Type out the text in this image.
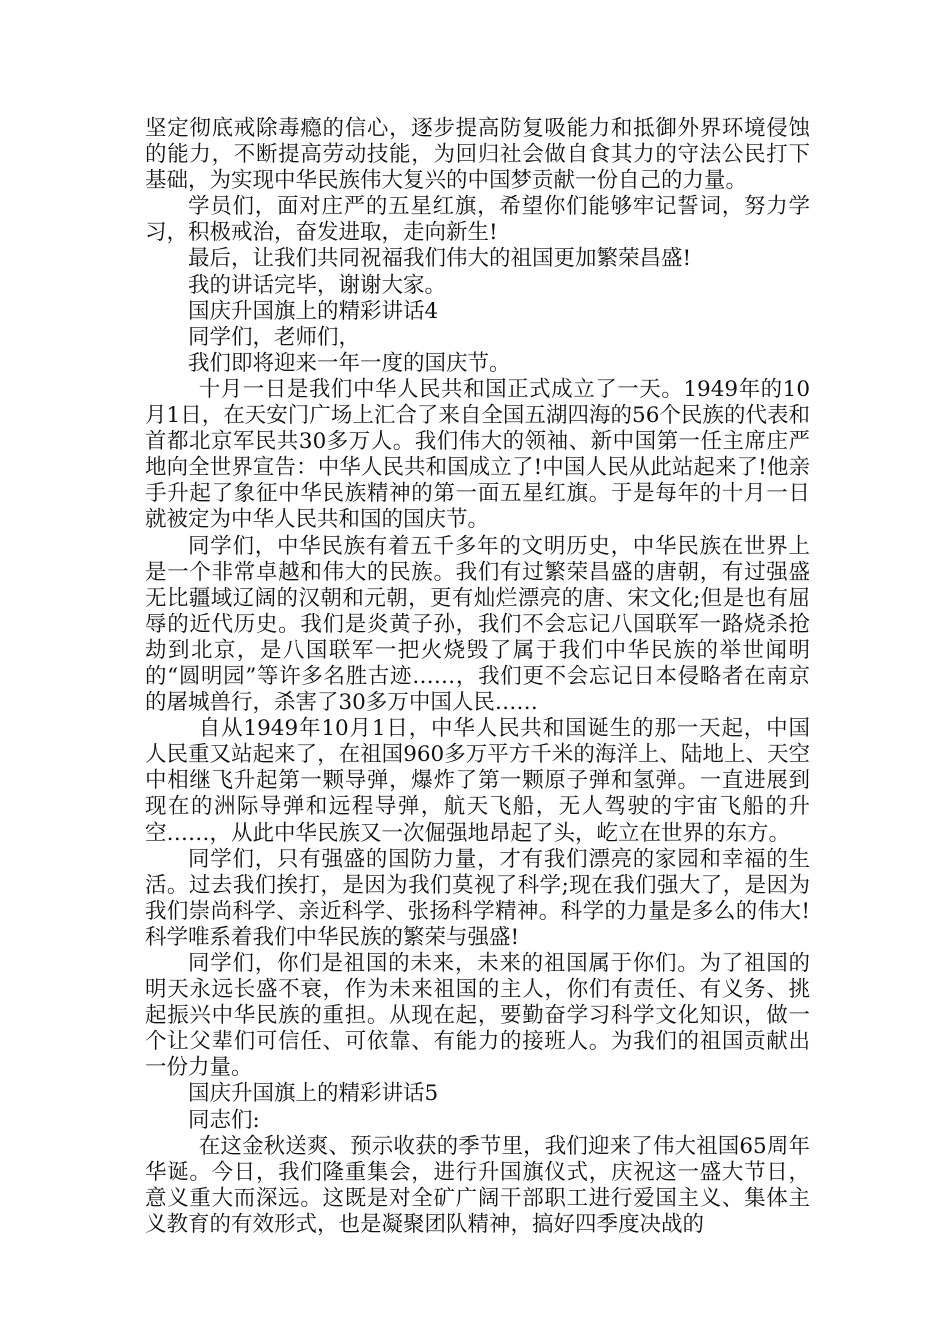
坚定彻底戒除毒瘾的信心，逐步提高防复吸能力和抵御外界环境侵蚀的能力，不断提高劳动技能，为回归社会做自食其力的守法公民打下基础，为实现中华民族伟大复兴的中国梦贡献一份自己的力量。

学员们，面对庄严的五星红旗，希望你们能够牢记誓词，努力学习，积极戒治，奋发进取，走向新生!

最后，让我们共同祝福我们伟大的祖国更加繁荣昌盛!

我的讲话完毕，谢谢大家。

国庆升国旗上的精彩讲话4

同学们，老师们，

我们即将迎来一年一度的国庆节。

十月一日是我们中华人民共和国正式成立了一天。1949年的10月1日，在天安门广场上汇合了来自全国五湖四海的56个民族的代表和首都北京军民共30多万人。我们伟大的领袖、新中国第一任主席庄严地向全世界宣告：中华人民共和国成立了!中国人民从此站起来了!他亲手升起了象征中华民族精神的第一面五星红旗。于是每年的十月一日就被定为中华人民共和国的国庆节。

同学们，中华民族有着五千多年的文明历史，中华民族在世界上是一个非常卓越和伟大的民族。我们有过繁荣昌盛的唐朝，有过强盛无比疆域辽阔的汉朝和元朝，更有灿烂漂亮的唐、宋文化;但是也有屈辱的近代历史。我们是炎黄子孙，我们不会忘记八国联军一路烧杀抢劫到北京，是八国联军一把火烧毁了属于我们中华民族的举世闻明的“圆明园”等许多名胜古迹……，我们更不会忘记日本侵略者在南京的屠城兽行，杀害了30多万中国人民……

自从1949年10月1日，中华人民共和国诞生的那一天起，中国人民重又站起来了，在祖国960多万平方千米的海洋上、陆地上、天空中相继飞升起第一颗导弹，爆炸了第一颗原子弹和氢弹。一直进展到现在的洲际导弹和远程导弹，航天飞船，无人驾驶的宇宙飞船的升空……，从此中华民族又一次倔强地昂起了头，屹立在世界的东方。

同学们，只有强盛的国防力量，才有我们漂亮的家园和幸福的生活。过去我们挨打，是因为我们莫视了科学;现在我们强大了，是因为我们崇尚科学、亲近科学、张扬科学精神。科学的力量是多么的伟大!科学唯系着我们中华民族的繁荣与强盛!

同学们，你们是祖国的未来，未来的祖国属于你们。为了祖国的明天永远长盛不衰，作为未来祖国的主人，你们有责任、有义务、挑起振兴中华民族的重担。从现在起，要勤奋学习科学文化知识，做一个让父辈们可信任、可依靠、有能力的接班人。为我们的祖国贡献出一份力量。

国庆升国旗上的精彩讲话5

同志们:

在这金秋送爽、预示收获的季节里，我们迎来了伟大祖国65周年华诞。今日，我们隆重集会，进行升国旗仪式，庆祝这一盛大节日，意义重大而深远。这既是对全矿广阔干部职工进行爱国主义、集体主义教育的有效形式，也是凝聚团队精神，搞好四季度决战的
